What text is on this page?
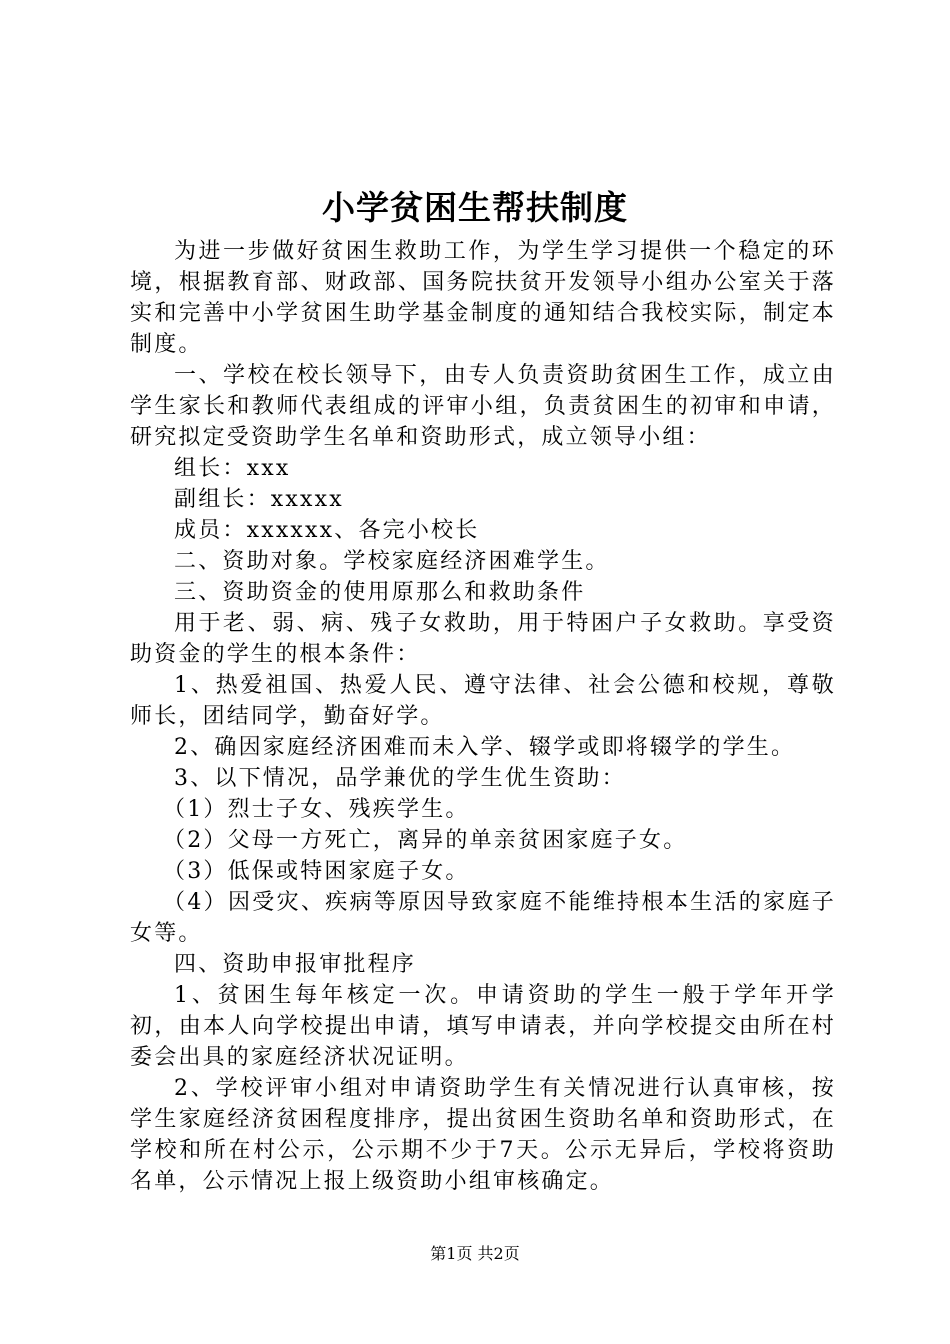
小学贫困生帮扶制度

为进一步做好贫困生救助工作，为学生学习提供一个稳定的环境，根据教育部、财政部、国务院扶贫开发领导小组办公室关于落实和完善中小学贫困生助学基金制度的通知结合我校实际，制定本制度。

一、学校在校长领导下，由专人负责资助贫困生工作，成立由学生家长和教师代表组成的评审小组，负责贫困生的初审和申请，研究拟定受资助学生名单和资助形式，成立领导小组：

组长：xxx

副组长：xxxxx

成员：xxxxxx、各完小校长

二、资助对象。学校家庭经济困难学生。

三、资助资金的使用原那么和救助条件

用于老、弱、病、残子女救助，用于特困户子女救助。享受资助资金的学生的根本条件：

1、热爱祖国、热爱人民、遵守法律、社会公德和校规，尊敬师长，团结同学，勤奋好学。

2、确因家庭经济困难而未入学、辍学或即将辍学的学生。

3、以下情况，品学兼优的学生优生资助：

（1）烈士子女、残疾学生。

（2）父母一方死亡，离异的单亲贫困家庭子女。

（3）低保或特困家庭子女。

（4）因受灾、疾病等原因导致家庭不能维持根本生活的家庭子女等。

四、资助申报审批程序

1、贫困生每年核定一次。申请资助的学生一般于学年开学初，由本人向学校提出申请，填写申请表，并向学校提交由所在村委会出具的家庭经济状况证明。

2、学校评审小组对申请资助学生有关情况进行认真审核，按学生家庭经济贫困程度排序，提出贫困生资助名单和资助形式，在学校和所在村公示，公示期不少于7天。公示无异后，学校将资助名单，公示情况上报上级资助小组审核确定。

第1页 共2页
